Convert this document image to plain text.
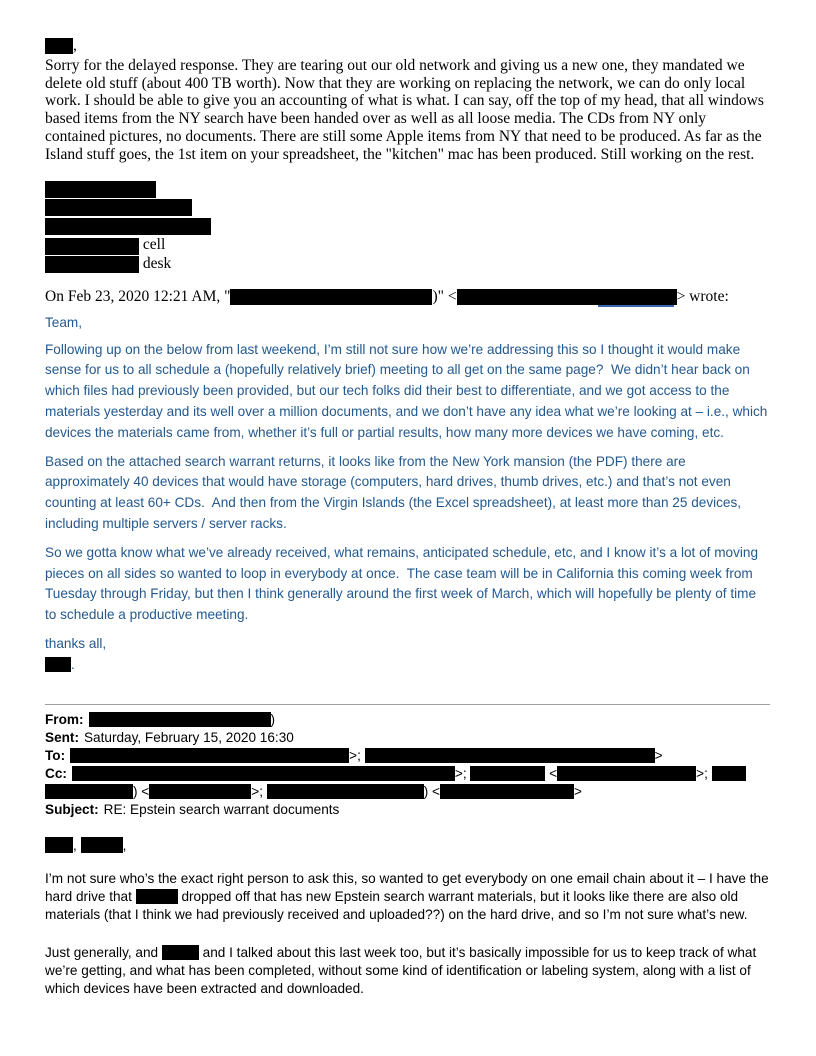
,

Sorry for the delayed response. They are tearing out our old network and giving us a new one, they mandated we delete old stuff (about 400 TB worth). Now that they are working on replacing the network, we can do only local work. I should be able to give you an accounting of what is what. I can say, off the top of my head, that all windows based items from the NY search have been handed over as well as all loose media. The CDs from NY only contained pictures, no documents. There are still some Apple items from NY that need to be produced. As far as the Island stuff goes, the 1st item on your spreadsheet, the "kitchen" mac has been produced. Still working on the rest.

cell
desk
On Feb 23, 2020 12:21 AM, "	)" <	> wrote:
Team,

Following up on the below from last weekend, I’m still not sure how we’re addressing this so I thought it would make sense for us to all schedule a (hopefully relatively brief) meeting to all get on the same page?  We didn’t hear back on which files had previously been provided, but our tech folks did their best to differentiate, and we got access to the materials yesterday and its well over a million documents, and we don’t have any idea what we’re looking at – i.e., which devices the materials came from, whether it’s full or partial results, how many more devices we have coming, etc.

Based on the attached search warrant returns, it looks like from the New York mansion (the PDF) there are approximately 40 devices that would have storage (computers, hard drives, thumb drives, etc.) and that’s not even counting at least 60+ CDs.  And then from the Virgin Islands (the Excel spreadsheet), at least more than 25 devices, including multiple servers / server racks.

So we gotta know what we’ve already received, what remains, anticipated schedule, etc, and I know it’s a lot of moving pieces on all sides so wanted to loop in everybody at once.  The case team will be in California this coming week from Tuesday through Friday, but then I think generally around the first week of March, which will hopefully be plenty of time to schedule a productive meeting.

thanks all,
.
From:	)
Sent: Saturday, February 15, 2020 16:30
To:	>;	>
Cc:	>;	<	>;
) <	>;	) <	>
Subject: RE: Epstein search warrant documents
,	,

I’m not sure who’s the exact right person to ask this, so wanted to get everybody on one email chain about it – I have the hard drive that	dropped off that has new Epstein search warrant materials, but it looks like there are also old materials (that I think we had previously received and uploaded??) on the hard drive, and so I’m not sure what’s new.

Just generally, and	and I talked about this last week too, but it’s basically impossible for us to keep track of what we’re getting, and what has been completed, without some kind of identification or labeling system, along with a list of which devices have been extracted and downloaded.
